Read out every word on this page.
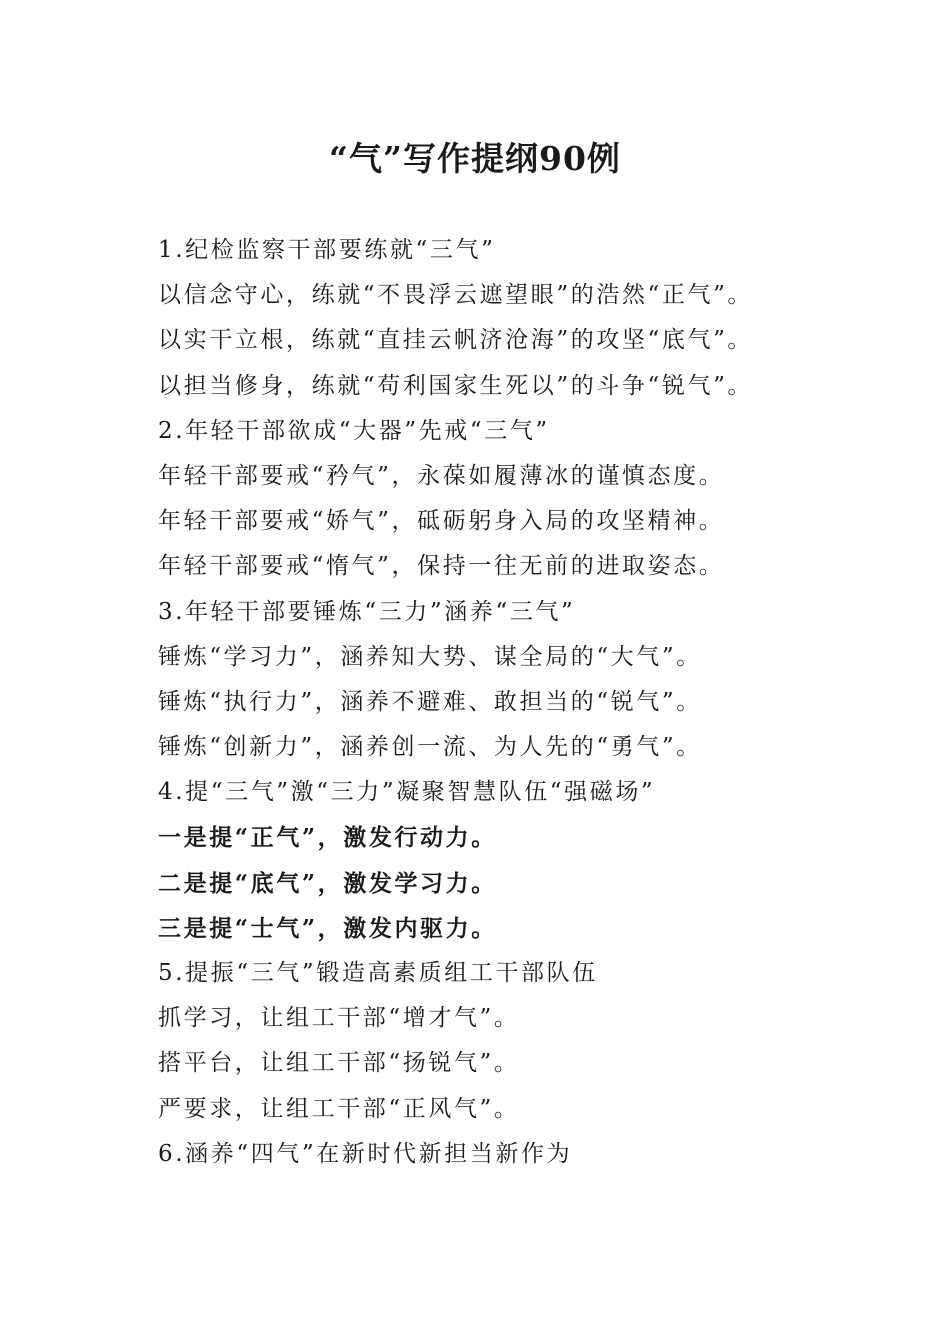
“气”写作提纲90例
1.纪检监察干部要练就“三气”
以信念守心，练就“不畏浮云遮望眼”的浩然“正气”。
以实干立根，练就“直挂云帆济沧海”的攻坚“底气”。
以担当修身，练就“苟利国家生死以”的斗争“锐气”。
2.年轻干部欲成“大器”先戒“三气”
年轻干部要戒“矜气”，永葆如履薄冰的谨慎态度。
年轻干部要戒“娇气”，砥砺躬身入局的攻坚精神。
年轻干部要戒“惰气”，保持一往无前的进取姿态。
3.年轻干部要锤炼“三力”涵养“三气”
锤炼“学习力”，涵养知大势、谋全局的“大气”。
锤炼“执行力”，涵养不避难、敢担当的“锐气”。
锤炼“创新力”，涵养创一流、为人先的“勇气”。
4.提“三气”激“三力”凝聚智慧队伍“强磁场”
一是提“正气”，激发行动力。
二是提“底气”，激发学习力。
三是提“士气”，激发内驱力。
5.提振“三气”锻造高素质组工干部队伍
抓学习，让组工干部“增才气”。
搭平台，让组工干部“扬锐气”。
严要求，让组工干部“正风气”。
6.涵养“四气”在新时代新担当新作为
